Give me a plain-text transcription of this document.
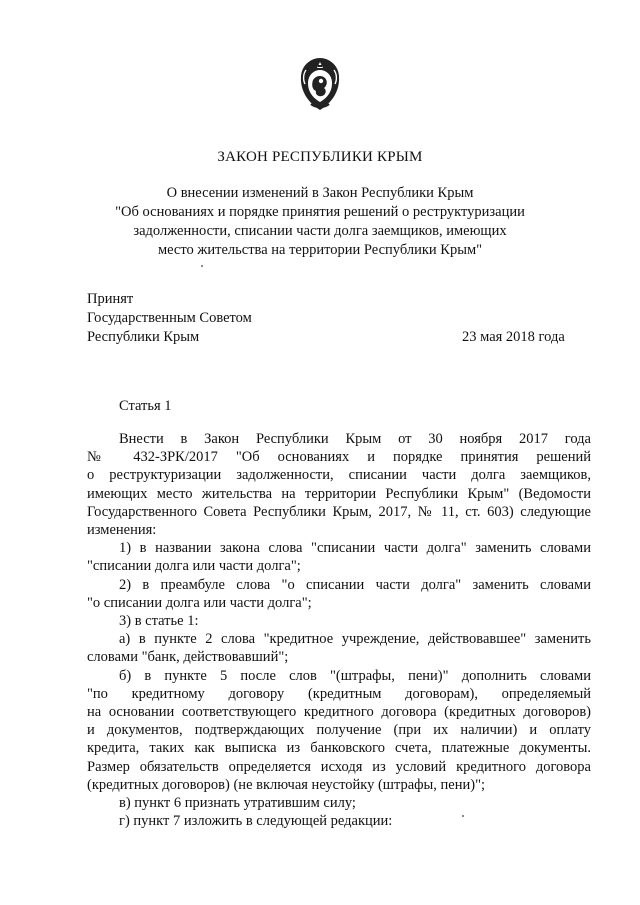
ЗАКОН РЕСПУБЛИКИ КРЫМ
О внесении изменений в Закон Республики Крым
"Об основаниях и порядке принятия решений о реструктуризации
задолженности, списании части долга заемщиков, имеющих
место жительства на территории Республики Крым"
Принят
Государственным Советом
Республики Крым	23 мая 2018 года
Статья 1
Внести в Закон Республики Крым от 30 ноября 2017 года
№ 432-ЗРК/2017 "Об основаниях и порядке принятия решений
о реструктуризации задолженности, списании части долга заемщиков,
имеющих место жительства на территории Республики Крым" (Ведомости
Государственного Совета Республики Крым, 2017, № 11, ст. 603) следующие
изменения:
1) в названии закона слова "списании части долга" заменить словами
"списании долга или части долга";
2) в преамбуле слова "о списании части долга" заменить словами
"о списании долга или части долга";
3) в статье 1:
а) в пункте 2 слова "кредитное учреждение, действовавшее" заменить
словами "банк, действовавший";
б) в пункте 5 после слов "(штрафы, пени)" дополнить словами
"по кредитному договору (кредитным договорам), определяемый
на основании соответствующего кредитного договора (кредитных договоров)
и документов, подтверждающих получение (при их наличии) и оплату
кредита, таких как выписка из банковского счета, платежные документы.
Размер обязательств определяется исходя из условий кредитного договора
(кредитных договоров) (не включая неустойку (штрафы, пени)";
в) пункт 6 признать утратившим силу;
г) пункт 7 изложить в следующей редакции:
